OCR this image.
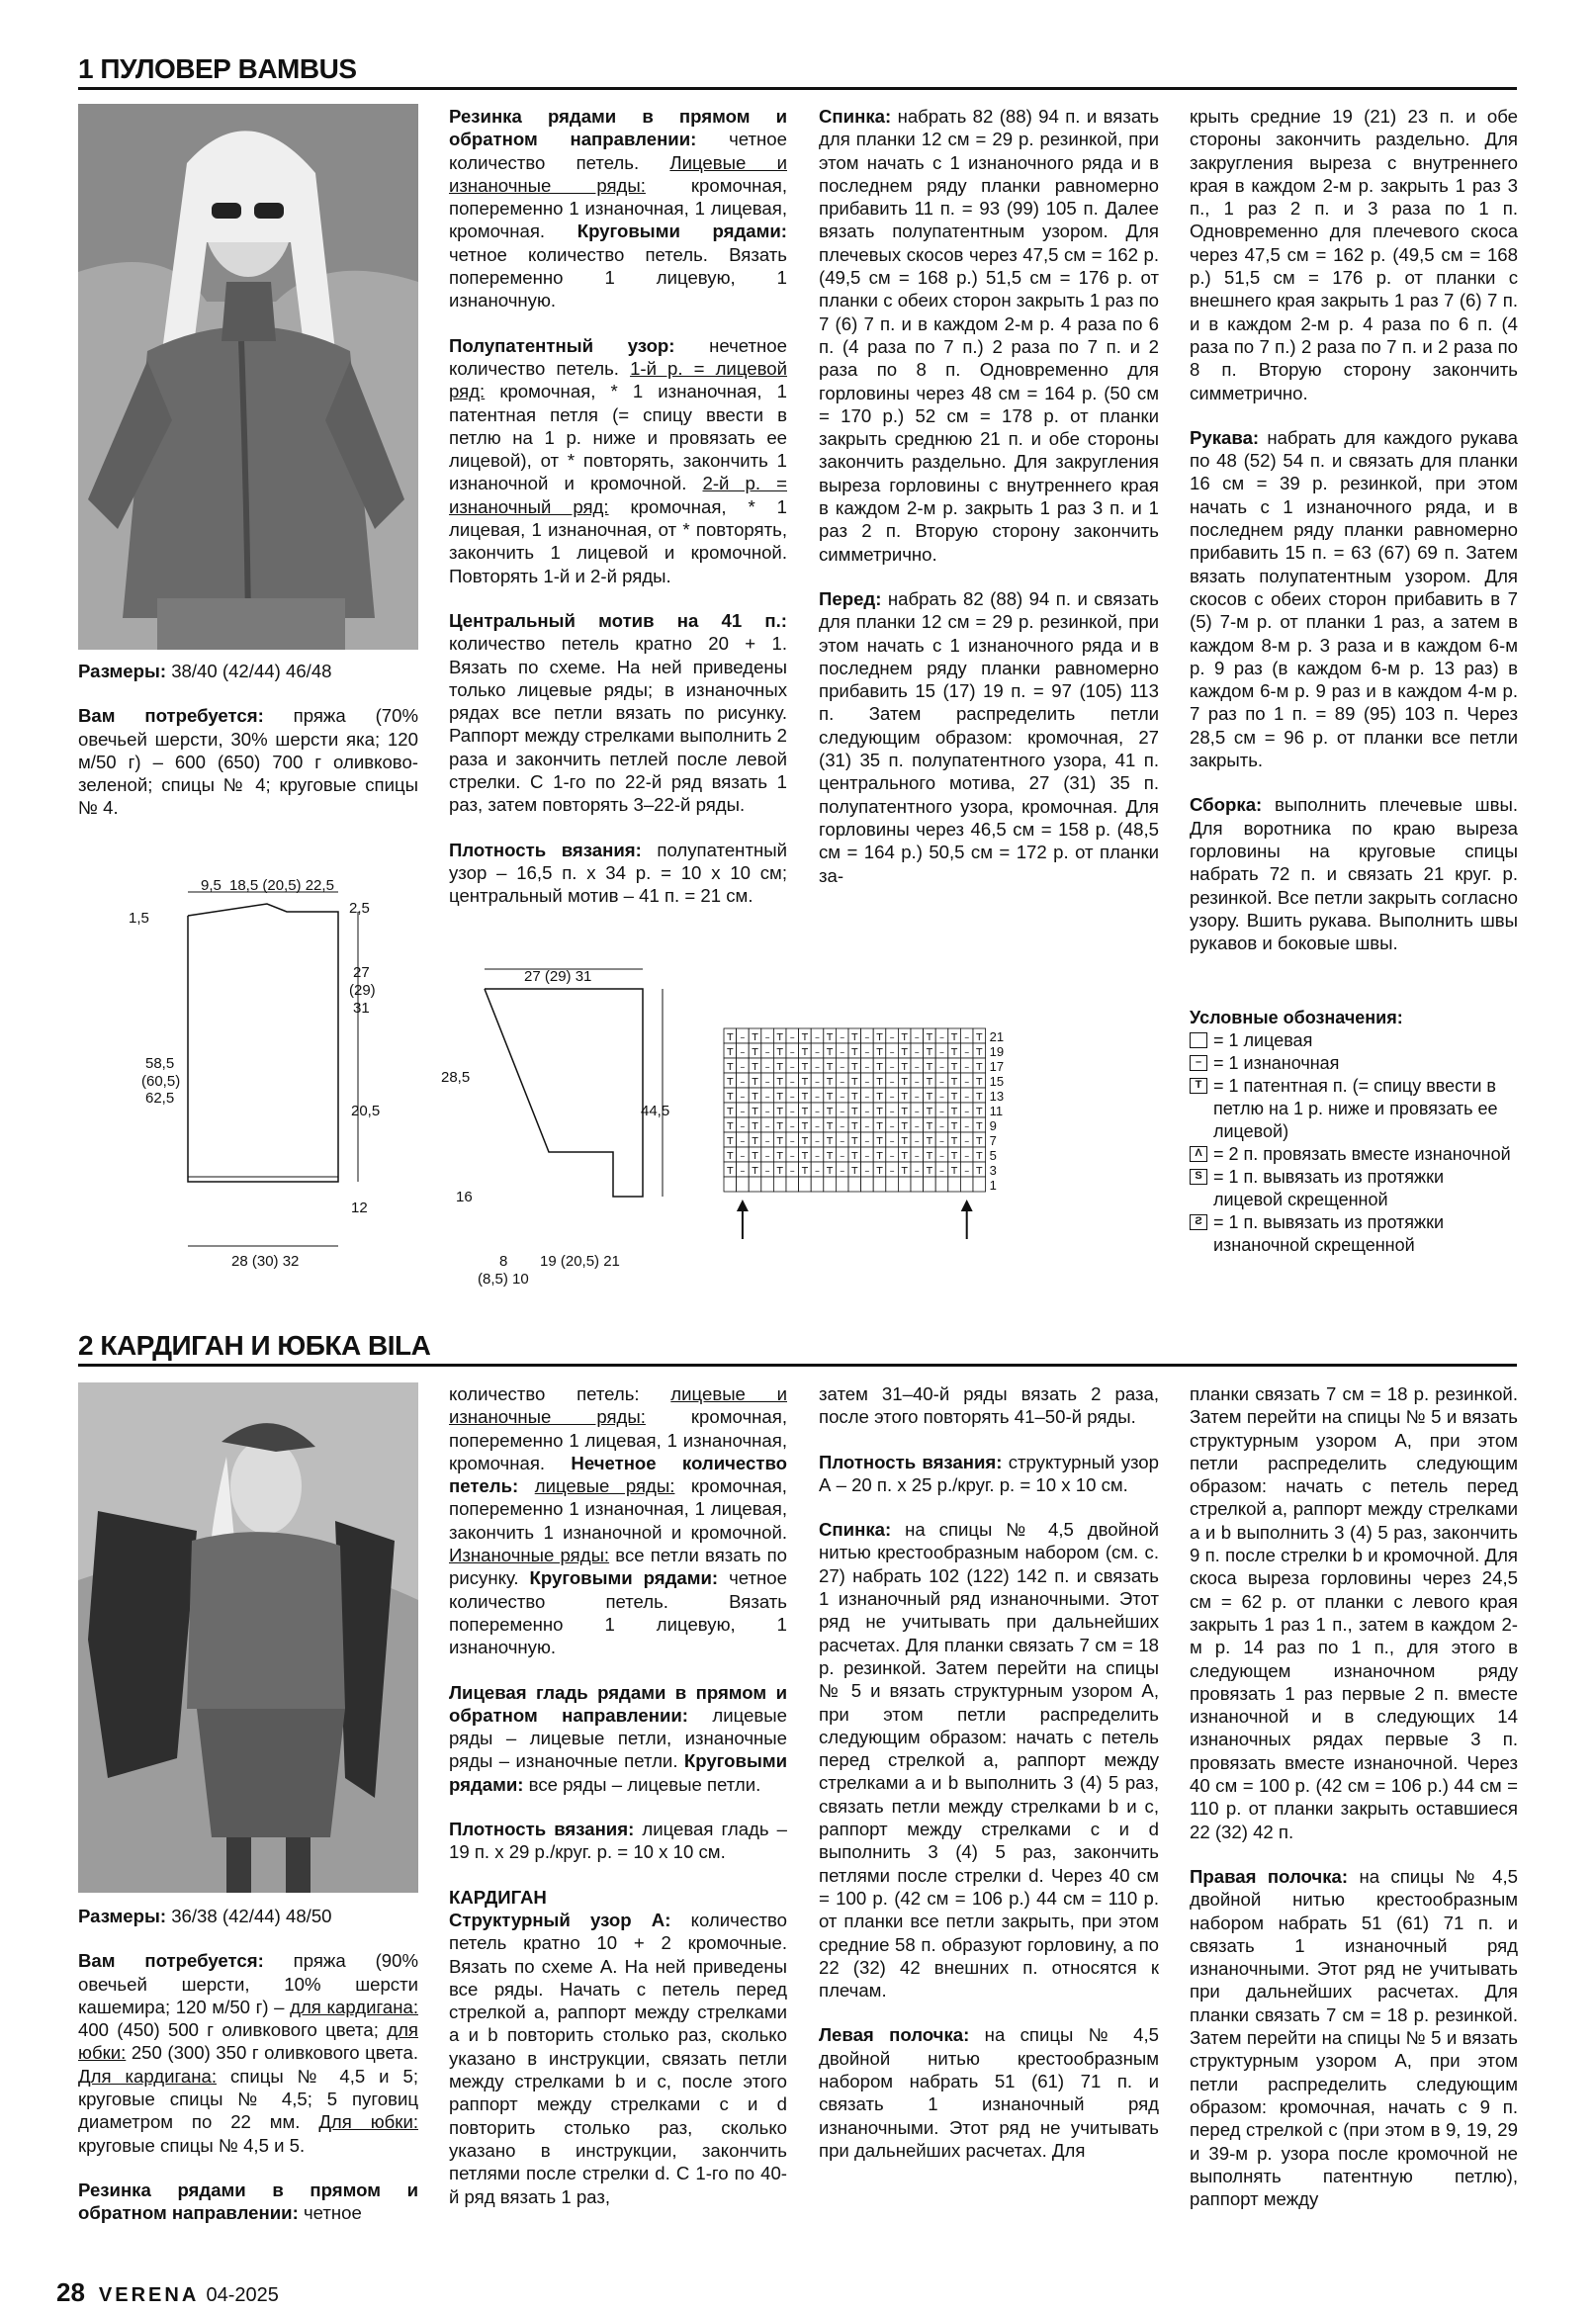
1 ПУЛОВЕР BAMBUS

Размеры: 38/40 (42/44) 46/48

Вам потребуется: пряжа (70% овечьей шерсти, 30% шерсти яка; 120 м/50 г) – 600 (650) 700 г оливково-зеленой; спицы № 4; круговые спицы № 4.

Резинка рядами в прямом и обратном направлении: четное количество петель. Лицевые и изнаночные ряды: кромочная, попеременно 1 изнаночная, 1 лицевая, кромочная. Круговыми рядами: четное количество петель. Вязать попеременно 1 лицевую, 1 изнаночную.

Полупатентный узор: нечетное количество петель. 1-й р. = лицевой ряд: кромочная, * 1 изнаночная, 1 патентная петля (= спицу ввести в петлю на 1 р. ниже и провязать ее лицевой), от * повторять, закончить 1 изнаночной и кромочной. 2-й р. = изнаночный ряд: кромочная, * 1 лицевая, 1 изнаночная, от * повторять, закончить 1 лицевой и кромочной. Повторять 1-й и 2-й ряды.

Центральный мотив на 41 п.: количество петель кратно 20 + 1. Вязать по схеме. На ней приведены только лицевые ряды; в изнаночных рядах все петли вязать по рисунку. Раппорт между стрелками выполнить 2 раза и закончить петлей после левой стрелки. С 1-го по 22-й ряд вязать 1 раз, затем повторять 3–22-й ряды.

Плотность вязания: полупатентный узор – 16,5 п. х 34 р. = 10 х 10 см; центральный мотив – 41 п. = 21 см.

Спинка: набрать 82 (88) 94 п. и вязать для планки 12 см = 29 р. резинкой, при этом начать с 1 изнаночного ряда и в последнем ряду планки равномерно прибавить 11 п. = 93 (99) 105 п. Далее вязать полупатентным узором. Для плечевых скосов через 47,5 см = 162 р. (49,5 см = 168 р.) 51,5 см = 176 р. от планки с обеих сторон закрыть 1 раз по 7 (6) 7 п. и в каждом 2-м р. 4 раза по 6 п. (4 раза по 7 п.) 2 раза по 7 п. и 2 раза по 8 п. Одновременно для горловины через 48 см = 164 р. (50 см = 170 р.) 52 см = 178 р. от планки закрыть среднюю 21 п. и обе стороны закончить раздельно. Для закругления выреза горловины с внутреннего края в каждом 2-м р. закрыть 1 раз 3 п. и 1 раз 2 п. Вторую сторону закончить симметрично.

Перед: набрать 82 (88) 94 п. и связать для планки 12 см = 29 р. резинкой, при этом начать с 1 изнаночного ряда и в последнем ряду планки равномерно прибавить 15 (17) 19 п. = 97 (105) 113 п. Затем распределить петли следующим образом: кромочная, 27 (31) 35 п. полупатентного узора, 41 п. центрального мотива, 27 (31) 35 п. полупатентного узора, кромочная. Для горловины через 46,5 см = 158 р. (48,5 см = 164 р.) 50,5 см = 172 р. от планки за-

крыть средние 19 (21) 23 п. и обе стороны закончить раздельно. Для закругления выреза с внутреннего края в каждом 2-м р. закрыть 1 раз 3 п., 1 раз 2 п. и 3 раза по 1 п. Одновременно для плечевого скоса через 47,5 см = 162 р. (49,5 см = 168 р.) 51,5 см = 176 р. от планки с внешнего края закрыть 1 раз 7 (6) 7 п. и в каждом 2-м р. 4 раза по 6 п. (4 раза по 7 п.) 2 раза по 7 п. и 2 раза по 8 п. Вторую сторону закончить симметрично.

Рукава: набрать для каждого рукава по 48 (52) 54 п. и связать для планки 16 см = 39 р. резинкой, при этом начать с 1 изнаночного ряда, и в последнем ряду планки равномерно прибавить 15 п. = 63 (67) 69 п. Затем вязать полупатентным узором. Для скосов с обеих сторон прибавить в 7 (5) 7-м р. от планки 1 раз, а затем в каждом 8-м р. 3 раза и в каждом 6-м р. 9 раз (в каждом 6-м р. 13 раз) в каждом 6-м р. 9 раз и в каждом 4-м р. 7 раз по 1 п. = 89 (95) 103 п. Через 28,5 см = 96 р. от планки все петли закрыть.

Сборка: выполнить плечевые швы. Для воротника по краю выреза горловины на круговые спицы набрать 72 п. и связать 21 круг. р. резинкой. Все петли закрыть согласно узору. Вшить рукава. Выполнить швы рукавов и боковые швы.

9,5 18,5 (20,5) 22,5
1,5
2,5
27
(29)
31
58,5
(60,5)
62,5
20,5
12
28 (30) 32
27 (29) 31
28,5
44,5
16
8
(8,5) 10
19 (20,5) 21
T – T – T – T – T – T – T – T – T – T – T
T – T – T – T – T – T – T – T – T – T – T
T – T – T – T – T – T – T – T – T – T – T
T – T – T – T – T – T – T – T – T – T – T
T – T – T – T – T – T – T – T – T – T – T
T – T – T – T – T – T – T – T – T – T – T
T – T – T – T – T – T – T – T – T – T – T
T – T – T – T – T – T – T – T – T – T – T
T – T – T – T – T – T – T – T – T – T – T
T – T – T – T – T – T – T – T – T – T – T
21
19
17
15
13
11
9
7
5
3
1
Условные обозначения:
= 1 лицевая
– = 1 изнаночная
T = 1 патентная п. (= спицу ввести в петлю на 1 р. ниже и провязать ее лицевой)
Ʌ = 2 п. провязать вместе изнаночной
S = 1 п. вывязать из протяжки лицевой скрещенной
Ƨ = 1 п. вывязать из протяжки изнаночной скрещенной
2 КАРДИГАН И ЮБКА BILA

Размеры: 36/38 (42/44) 48/50

Вам потребуется: пряжа (90% овечьей шерсти, 10% шерсти кашемира; 120 м/50 г) – для кардигана: 400 (450) 500 г оливкового цвета; для юбки: 250 (300) 350 г оливкового цвета. Для кардигана: спицы № 4,5 и 5; круговые спицы № 4,5; 5 пуговиц диаметром по 22 мм. Для юбки: круговые спицы № 4,5 и 5.

Резинка рядами в прямом и обратном направлении: четное

количество петель: лицевые и изнаночные ряды: кромочная, попеременно 1 лицевая, 1 изнаночная, кромочная. Нечетное количество петель: лицевые ряды: кромочная, попеременно 1 изнаночная, 1 лицевая, закончить 1 изнаночной и кромочной. Изнаночные ряды: все петли вязать по рисунку. Круговыми рядами: четное количество петель. Вязать попеременно 1 лицевую, 1 изнаночную.

Лицевая гладь рядами в прямом и обратном направлении: лицевые ряды – лицевые петли, изнаночные ряды – изнаночные петли. Круговыми рядами: все ряды – лицевые петли.

Плотность вязания: лицевая гладь – 19 п. х 29 р./круг. р. = 10 х 10 см.

КАРДИГАН
Структурный узор А: количество петель кратно 10 + 2 кромочные. Вязать по схеме А. На ней приведены все ряды. Начать с петель перед стрелкой а, раппорт между стрелками а и b повторить столько раз, сколько указано в инструкции, связать петли между стрелками b и c, после этого раппорт между стрелками c и d повторить столько раз, сколько указано в инструкции, закончить петлями после стрелки d. С 1-го по 40-й ряд вязать 1 раз,

затем 31–40-й ряды вязать 2 раза, после этого повторять 41–50-й ряды.

Плотность вязания: структурный узор А – 20 п. х 25 р./круг. р. = 10 х 10 см.

Спинка: на спицы № 4,5 двойной нитью крестообразным набором (см. с. 27) набрать 102 (122) 142 п. и связать 1 изнаночный ряд изнаночными. Этот ряд не учитывать при дальнейших расчетах. Для планки связать 7 см = 18 р. резинкой. Затем перейти на спицы № 5 и вязать структурным узором А, при этом петли распределить следующим образом: начать с петель перед стрелкой а, раппорт между стрелками а и b выполнить 3 (4) 5 раз, связать петли между стрелками b и c, раппорт между стрелками c и d выполнить 3 (4) 5 раз, закончить петлями после стрелки d. Через 40 см = 100 р. (42 см = 106 р.) 44 см = 110 р. от планки все петли закрыть, при этом средние 58 п. образуют горловину, а по 22 (32) 42 внешних п. относятся к плечам.

Левая полочка: на спицы № 4,5 двойной нитью крестообразным набором набрать 51 (61) 71 п. и связать 1 изнаночный ряд изнаночными. Этот ряд не учитывать при дальнейших расчетах. Для

планки связать 7 см = 18 р. резинкой. Затем перейти на спицы № 5 и вязать структурным узором А, при этом петли распределить следующим образом: начать с петель перед стрелкой а, раппорт между стрелками а и b выполнить 3 (4) 5 раз, закончить 9 п. после стрелки b и кромочной. Для скоса выреза горловины через 24,5 см = 62 р. от планки с левого края закрыть 1 раз 1 п., затем в каждом 2-м р. 14 раз по 1 п., для этого в следующем изнаночном ряду провязать 1 раз первые 2 п. вместе изнаночной и в следующих 14 изнаночных рядах первые 3 п. провязать вместе изнаночной. Через 40 см = 100 р. (42 см = 106 р.) 44 см = 110 р. от планки закрыть оставшиеся 22 (32) 42 п.

Правая полочка: на спицы № 4,5 двойной нитью крестообразным набором набрать 51 (61) 71 п. и связать 1 изнаночный ряд изнаночными. Этот ряд не учитывать при дальнейших расчетах. Для планки связать 7 см = 18 р. резинкой. Затем перейти на спицы № 5 и вязать структурным узором А, при этом петли распределить следующим образом: кромочная, начать с 9 п. перед стрелкой с (при этом в 9, 19, 29 и 39-м р. узора после кромочной не выполнять патентную петлю), раппорт между

28 VERENA 04-2025
